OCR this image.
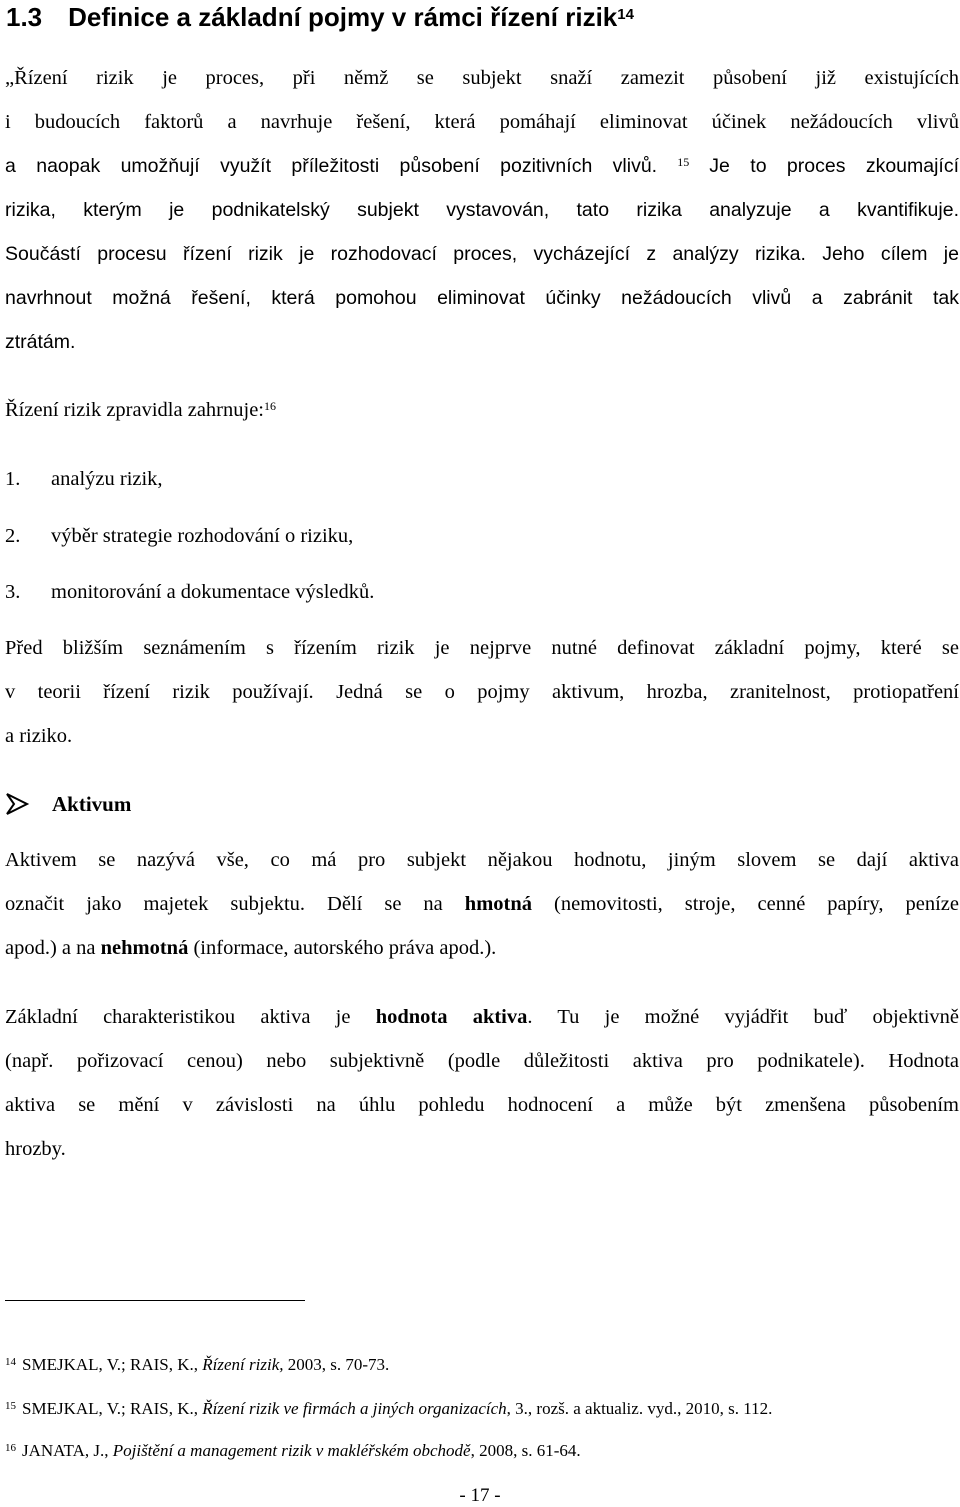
1.3 Definice a základní pojmy v rámci řízení rizik$^{14}$
„Řízení rizik je proces, při němž se subjekt snaží zamezit působení již existujících
i budoucích faktorů a navrhuje řešení, která pomáhají eliminovat účinek nežádoucích vlivů
a naopak umožňují využít příležitosti působení pozitivních vlivů. $^{15}$ Je to proces zkoumající
rizika, kterým je podnikatelský subjekt vystavován, tato rizika analyzuje a kvantifikuje.
Součástí procesu řízení rizik je rozhodovací proces, vycházející z analýzy rizika. Jeho cílem je
navrhnout možná řešení, která pomohou eliminovat účinky nežádoucích vlivů a zabránit tak
ztrátám.
Řízení rizik zpravidla zahrnuje:$^{16}$
1. analýzu rizik,
2. výběr strategie rozhodování o riziku,
3. monitorování a dokumentace výsledků.
Před bližším seznámením s řízením rizik je nejprve nutné definovat základní pojmy, které se
v teorii řízení rizik používají. Jedná se o pojmy aktivum, hrozba, zranitelnost, protiopatření
a riziko.
Aktivum
Aktivem se nazývá vše, co má pro subjekt nějakou hodnotu, jiným slovem se dají aktiva
označit jako majetek subjektu. Dělí se na hmotná (nemovitosti, stroje, cenné papíry, peníze
apod.) a na nehmotná (informace, autorského práva apod.).
Základní charakteristikou aktiva je hodnota aktiva. Tu je možné vyjádřit buď objektivně
(např. pořizovací cenou) nebo subjektivně (podle důležitosti aktiva pro podnikatele). Hodnota
aktiva se mění v závislosti na úhlu pohledu hodnocení a může být zmenšena působením
hrozby.
$^{14}$ SMEJKAL, V.; RAIS, K., Řízení rizik, 2003, s. 70-73.
$^{15}$ SMEJKAL, V.; RAIS, K., Řízení rizik ve firmách a jiných organizacích, 3., rozš. a aktualiz. vyd., 2010, s. 112.
$^{16}$ JANATA, J., Pojištění a management rizik v makléřském obchodě, 2008, s. 61-64.
- 17 -
